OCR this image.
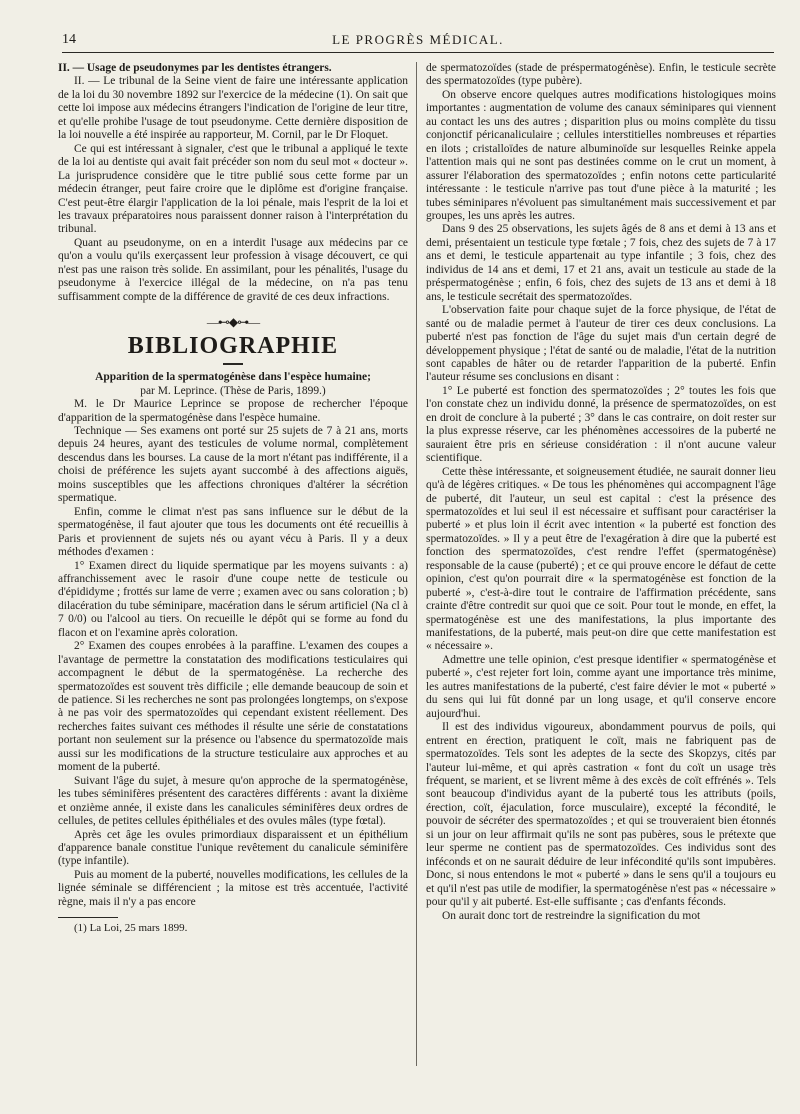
14	LE PROGRÈS MÉDICAL.

II. — Usage de pseudonymes par les dentistes étrangers.

II. — Le tribunal de la Seine vient de faire une intéressante application de la loi du 30 novembre 1892 sur l'exercice de la médecine (1). On sait que cette loi impose aux médecins étrangers l'indication de l'origine de leur titre, et qu'elle prohibe l'usage de tout pseudonyme. Cette dernière disposition de la loi nouvelle a été inspirée au rapporteur, M. Cornil, par le Dr Floquet.

Ce qui est intéressant à signaler, c'est que le tribunal a appliqué le texte de la loi au dentiste qui avait fait précéder son nom du seul mot « docteur ». La jurisprudence considère que le titre publié sous cette forme par un médecin étranger, peut faire croire que le diplôme est d'origine française. C'est peut-être élargir l'application de la loi pénale, mais l'esprit de la loi et les travaux préparatoires nous paraissent donner raison à l'interprétation du tribunal.

Quant au pseudonyme, on en a interdit l'usage aux médecins par ce qu'on a voulu qu'ils exerçassent leur profession à visage découvert, ce qui n'est pas une raison très solide. En assimilant, pour les pénalités, l'usage du pseudonyme à l'exercice illégal de la médecine, on n'a pas tenu suffisamment compte de la différence de gravité de ces deux infractions.

—⊷◆⊶—
BIBLIOGRAPHIE

Apparition de la spermatogénèse dans l'espèce humaine;

par M. Leprince. (Thèse de Paris, 1899.)

M. le Dr Maurice Leprince se propose de rechercher l'époque d'apparition de la spermatogénèse dans l'espèce humaine.

Technique — Ses examens ont porté sur 25 sujets de 7 à 21 ans, morts depuis 24 heures, ayant des testicules de volume normal, complètement descendus dans les bourses. La cause de la mort n'étant pas indifférente, il a choisi de préférence les sujets ayant succombé à des affections aiguës, moins susceptibles que les affections chroniques d'altérer la sécrétion spermatique.

Enfin, comme le climat n'est pas sans influence sur le début de la spermatogénèse, il faut ajouter que tous les documents ont été recueillis à Paris et proviennent de sujets nés ou ayant vécu à Paris. Il y a deux méthodes d'examen :

1° Examen direct du liquide spermatique par les moyens suivants : a) affranchissement avec le rasoir d'une coupe nette de testicule ou d'épididyme ; frottés sur lame de verre ; examen avec ou sans coloration ; b) dilacération du tube séminipare, macération dans le sérum artificiel (Na cl à 7 0/0) ou l'alcool au tiers. On recueille le dépôt qui se forme au fond du flacon et on l'examine après coloration.

2° Examen des coupes enrobées à la paraffine. L'examen des coupes a l'avantage de permettre la constatation des modifications testiculaires qui accompagnent le début de la spermatogénèse. La recherche des spermatozoïdes est souvent très difficile ; elle demande beaucoup de soin et de patience. Si les recherches ne sont pas prolongées longtemps, on s'expose à ne pas voir des spermatozoïdes qui cependant existent réellement. Des recherches faites suivant ces méthodes il résulte une série de constatations portant non seulement sur la présence ou l'absence du spermatozoïde mais aussi sur les modifications de la structure testiculaire aux approches et au moment de la puberté.

Suivant l'âge du sujet, à mesure qu'on approche de la spermatogénèse, les tubes séminifères présentent des caractères différents : avant la dixième et onzième année, il existe dans les canalicules séminifères deux ordres de cellules, de petites cellules épithéliales et des ovules mâles (type fœtal).

Après cet âge les ovules primordiaux disparaissent et un épithélium d'apparence banale constitue l'unique revêtement du canalicule séminifère (type infantile).

Puis au moment de la puberté, nouvelles modifications, les cellules de la lignée séminale se différencient ; la mitose est très accentuée, l'activité règne, mais il n'y a pas encore

(1) La Loi, 25 mars 1899.

de spermatozoïdes (stade de préspermatogénèse). Enfin, le testicule secrète des spermatozoïdes (type pubère).

On observe encore quelques autres modifications histologiques moins importantes : augmentation de volume des canaux séminipares qui viennent au contact les uns des autres ; disparition plus ou moins complète du tissu conjonctif péricanaliculaire ; cellules interstitielles nombreuses et réparties en ilots ; cristalloïdes de nature albuminoïde sur lesquelles Reinke appela l'attention mais qui ne sont pas destinées comme on le crut un moment, à assurer l'élaboration des spermatozoïdes ; enfin notons cette particularité intéressante : le testicule n'arrive pas tout d'une pièce à la maturité ; les tubes séminipares n'évoluent pas simultanément mais successivement et par groupes, les uns après les autres.

Dans 9 des 25 observations, les sujets âgés de 8 ans et demi à 13 ans et demi, présentaient un testicule type fœtale ; 7 fois, chez des sujets de 7 à 17 ans et demi, le testicule appartenait au type infantile ; 3 fois, chez des individus de 14 ans et demi, 17 et 21 ans, avait un testicule au stade de la préspermatogénèse ; enfin, 6 fois, chez des sujets de 13 ans et demi à 18 ans, le testicule secrétait des spermatozoïdes.

L'observation faite pour chaque sujet de la force physique, de l'état de santé ou de maladie permet à l'auteur de tirer ces deux conclusions. La puberté n'est pas fonction de l'âge du sujet mais d'un certain degré de développement physique ; l'état de santé ou de maladie, l'état de la nutrition sont capables de hâter ou de retarder l'apparition de la puberté. Enfin l'auteur résume ses conclusions en disant :

1° Le puberté est fonction des spermatozoïdes ; 2° toutes les fois que l'on constate chez un individu donné, la présence de spermatozoïdes, on est en droit de conclure à la puberté ; 3° dans le cas contraire, on doit rester sur la plus expresse réserve, car les phénomènes accessoires de la puberté ne sauraient être pris en sérieuse considération : il n'ont aucune valeur scientifique.

Cette thèse intéressante, et soigneusement étudiée, ne saurait donner lieu qu'à de légères critiques. « De tous les phénomènes qui accompagnent l'âge de puberté, dit l'auteur, un seul est capital : c'est la présence des spermatozoïdes et lui seul il est nécessaire et suffisant pour caractériser la puberté » et plus loin il écrit avec intention « la puberté est fonction des spermatozoïdes. » Il y a peut être de l'exagération à dire que la puberté est fonction des spermatozoïdes, c'est rendre l'effet (spermatogénèse) responsable de la cause (puberté) ; et ce qui prouve encore le défaut de cette opinion, c'est qu'on pourrait dire « la spermatogénèse est fonction de la puberté », c'est-à-dire tout le contraire de l'affirmation précédente, sans crainte d'être contredit sur quoi que ce soit. Pour tout le monde, en effet, la spermatogénèse est une des manifestations, la plus importante des manifestations, de la puberté, mais peut-on dire que cette manifestation est « nécessaire ».

Admettre une telle opinion, c'est presque identifier « spermatogénèse et puberté », c'est rejeter fort loin, comme ayant une importance très minime, les autres manifestations de la puberté, c'est faire dévier le mot « puberté » du sens qui lui fût donné par un long usage, et qu'il conserve encore aujourd'hui.

Il est des individus vigoureux, abondamment pourvus de poils, qui entrent en érection, pratiquent le coït, mais ne fabriquent pas de spermatozoïdes. Tels sont les adeptes de la secte des Skopzys, cités par l'auteur lui-même, et qui après castration « font du coït un usage très fréquent, se marient, et se livrent même à des excès de coït effrénés ». Tels sont beaucoup d'individus ayant de la puberté tous les attributs (poils, érection, coït, éjaculation, force musculaire), excepté la fécondité, le pouvoir de sécréter des spermatozoïdes ; et qui se trouveraient bien étonnés si un jour on leur affirmait qu'ils ne sont pas pubères, sous le prétexte que leur sperme ne contient pas de spermatozoïdes. Ces individus sont des inféconds et on ne saurait déduire de leur infécondité qu'ils sont impubères. Donc, si nous entendons le mot « puberté » dans le sens qu'il a toujours eu et qu'il n'est pas utile de modifier, la spermatogénèse n'est pas « nécessaire » pour qu'il y ait puberté. Est-elle suffisante ; cas d'enfants féconds.

On aurait donc tort de restreindre la signification du mot
